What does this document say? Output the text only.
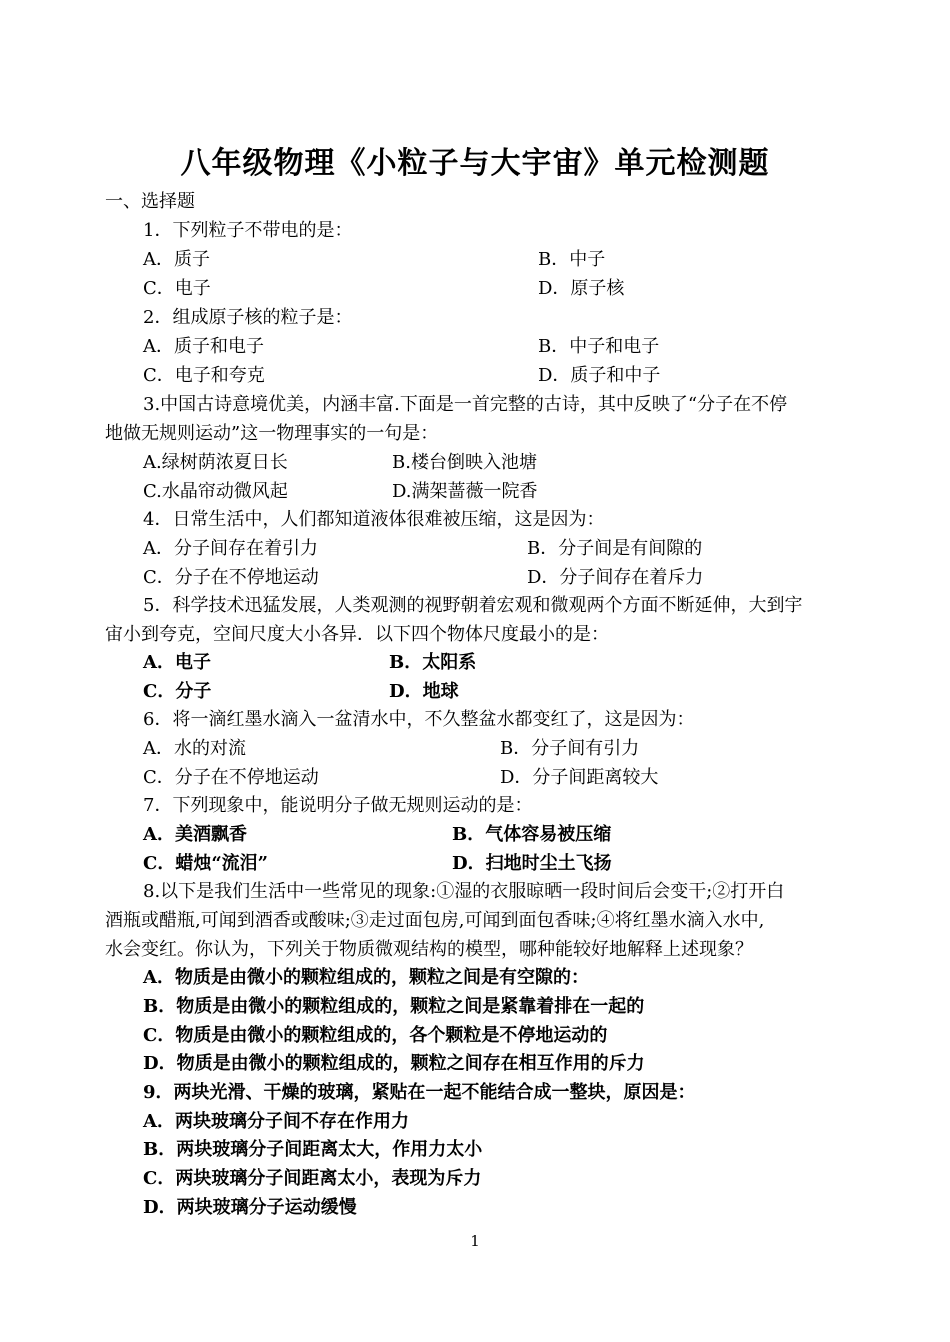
八年级物理《小粒子与大宇宙》单元检测题
一、选择题
1．下列粒子不带电的是：
A．质子	B．中子
C．电子	D．原子核
2．组成原子核的粒子是：
A．质子和电子	B．中子和电子
C．电子和夸克	D．质子和中子
3.中国古诗意境优美，内涵丰富.下面是一首完整的古诗，其中反映了“分子在不停
地做无规则运动”这一物理事实的一句是：
A.绿树荫浓夏日长	B.楼台倒映入池塘
C.水晶帘动微风起	D.满架蔷薇一院香
4．日常生活中，人们都知道液体很难被压缩，这是因为：
A．分子间存在着引力	B．分子间是有间隙的
C．分子在不停地运动	D．分子间存在着斥力
5．科学技术迅猛发展，人类观测的视野朝着宏观和微观两个方面不断延伸，大到宇
宙小到夸克，空间尺度大小各异．以下四个物体尺度最小的是：
A．电子	B．太阳系
C．分子	D．地球
6．将一滴红墨水滴入一盆清水中，不久整盆水都变红了，这是因为：
A．水的对流	B．分子间有引力
C．分子在不停地运动	D．分子间距离较大
7．下列现象中，能说明分子做无规则运动的是：
A．美酒飘香	B．气体容易被压缩
C．蜡烛“流泪”	D．扫地时尘土飞扬
8.以下是我们生活中一些常见的现象:①湿的衣服晾晒一段时间后会变干;②打开白
酒瓶或醋瓶,可闻到酒香或酸味;③走过面包房,可闻到面包香味;④将红墨水滴入水中,
水会变红。你认为，下列关于物质微观结构的模型，哪种能较好地解释上述现象？
A．物质是由微小的颗粒组成的，颗粒之间是有空隙的：
B．物质是由微小的颗粒组成的，颗粒之间是紧靠着排在一起的
C．物质是由微小的颗粒组成的，各个颗粒是不停地运动的
D．物质是由微小的颗粒组成的，颗粒之间存在相互作用的斥力
9．两块光滑、干燥的玻璃，紧贴在一起不能结合成一整块，原因是：
A．两块玻璃分子间不存在作用力
B．两块玻璃分子间距离太大，作用力太小
C．两块玻璃分子间距离太小，表现为斥力
D．两块玻璃分子运动缓慢
1
